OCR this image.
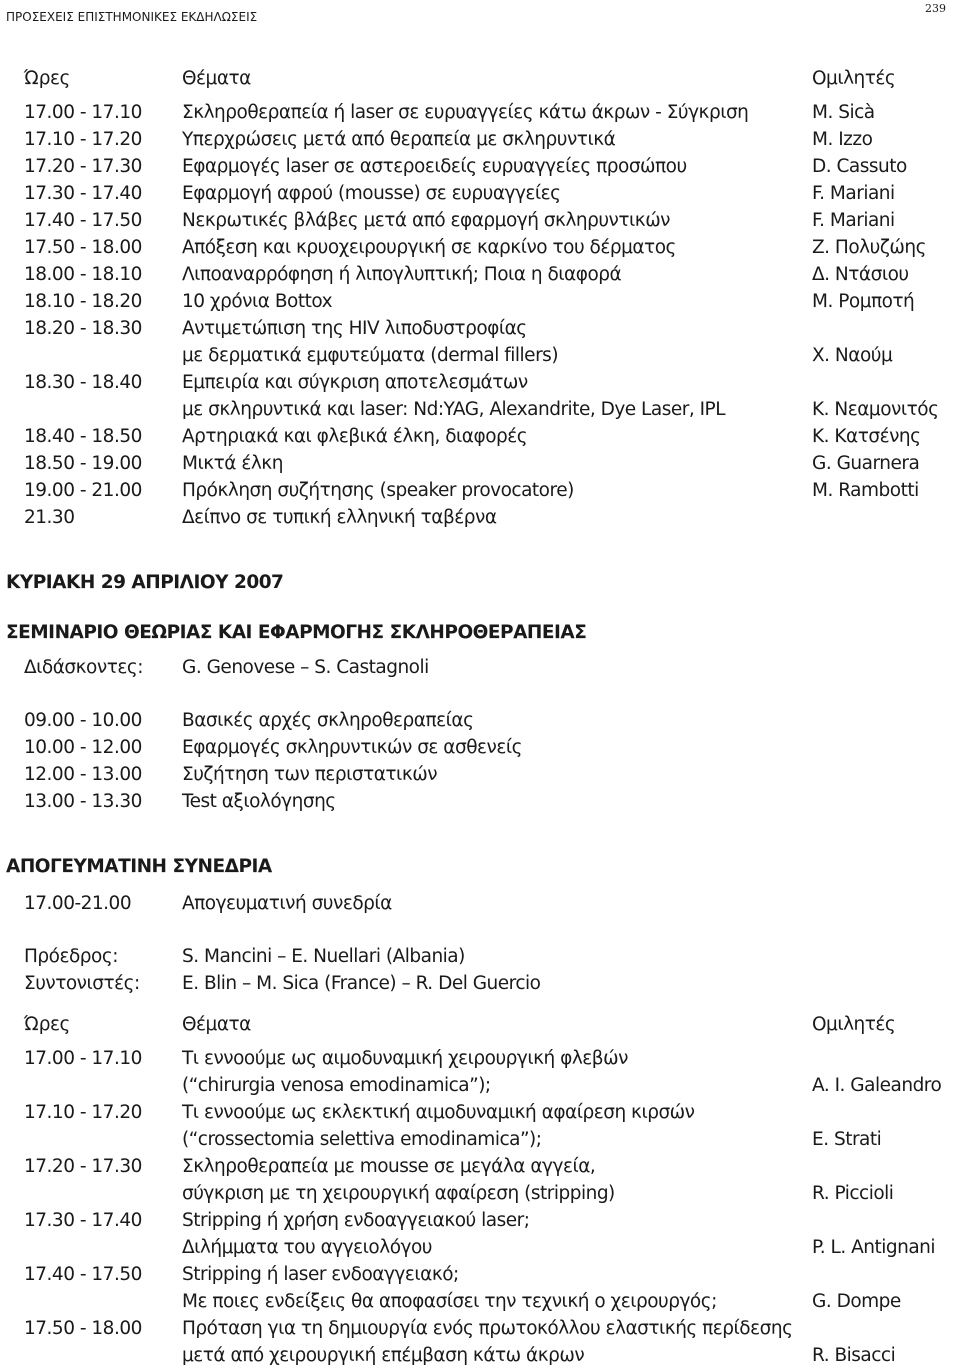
ΠΡΟΣΕΧΕΙΣ ΕΠΙΣΤΗΜΟΝΙΚΕΣ ΕΚΔΗΛΩΣΕΙΣ
239
Ώρες	Θέματα	Ομιλητές
17.00 - 17.10 Σκληροθεραπεία ή laser σε ευρυαγγείες κάτω άκρων - Σύγκριση	M. Sicà
17.10 - 17.20 Υπερχρώσεις μετά από θεραπεία με σκληρυντικά	M. Izzo
17.20 - 17.30 Εφαρμογές laser σε αστεροειδείς ευρυαγγείες προσώπου	D. Cassuto
17.30 - 17.40 Εφαρμογή αφρού (mousse) σε ευρυαγγείες	F. Mariani
17.40 - 17.50 Νεκρωτικές βλάβες μετά από εφαρμογή σκληρυντικών	F. Mariani
17.50 - 18.00 Απόξεση και κρυοχειρουργική σε καρκίνο του δέρματος	Ζ. Πολυζώης
18.00 - 18.10 Λιποαναρρόφηση ή λιπογλυπτική; Ποια η διαφορά	Δ. Ντάσιου
18.10 - 18.20 10 χρόνια Bottox	Μ. Ρομποτή
18.20 - 18.30 Αντιμετώπιση της HIV λιποδυστροφίας
με δερματικά εμφυτεύματα (dermal fillers)	Χ. Ναούμ
18.30 - 18.40 Εμπειρία και σύγκριση αποτελεσμάτων
με σκληρυντικά και laser: Nd:YAG, Alexandrite, Dye Laser, IPL	Κ. Νεαμονιτός
18.40 - 18.50 Αρτηριακά και φλεβικά έλκη, διαφορές	Κ. Κατσένης
18.50 - 19.00 Μικτά έλκη	G. Guarnera
19.00 - 21.00 Πρόκληση συζήτησης (speaker provocatore)	M. Rambotti
21.30	Δείπνο σε τυπική ελληνική ταβέρνα
ΚΥΡΙΑΚΗ 29 ΑΠΡΙΛΙΟΥ 2007
ΣΕΜΙΝΑΡΙΟ ΘΕΩΡΙΑΣ ΚΑΙ ΕΦΑΡΜΟΓΗΣ ΣΚΛΗΡΟΘΕΡΑΠΕΙΑΣ
Διδάσκοντες: G. Genovese – S. Castagnoli
09.00 - 10.00 Βασικές αρχές σκληροθεραπείας
10.00 - 12.00 Εφαρμογές σκληρυντικών σε ασθενείς
12.00 - 13.00 Συζήτηση των περιστατικών
13.00 - 13.30 Test αξιολόγησης
ΑΠΟΓΕΥΜΑΤΙΝΗ ΣΥΝΕΔΡΙΑ
17.00-21.00	Απογευματινή συνεδρία
Πρόεδρος:	S. Mancini – E. Nuellari (Albania)
Συντονιστές: E. Blin – M. Sica (France) – R. Del Guercio
Ώρες	Θέματα	Ομιλητές
17.00 - 17.10 Τι εννοούμε ως αιμοδυναμική χειρουργική φλεβών
(“chirurgia venosa emodinamica”);	A. I. Galeandro
17.10 - 17.20 Τι εννοούμε ως εκλεκτική αιμοδυναμική αφαίρεση κιρσών
(“crossectomia selettiva emodinamica”);	E. Strati
17.20 - 17.30 Σκληροθεραπεία με mousse σε μεγάλα αγγεία,
σύγκριση με τη χειρουργική αφαίρεση (stripping)	R. Piccioli
17.30 - 17.40 Stripping ή χρήση ενδοαγγειακού laser;
Διλήμματα του αγγειολόγου	P. L. Antignani
17.40 - 17.50 Stripping ή laser ενδοαγγειακό;
Με ποιες ενδείξεις θα αποφασίσει την τεχνική ο χειρουργός;	G. Dompe
17.50 - 18.00 Πρόταση για τη δημιουργία ενός πρωτοκόλλου ελαστικής περίδεσης
μετά από χειρουργική επέμβαση κάτω άκρων	R. Bisacci
